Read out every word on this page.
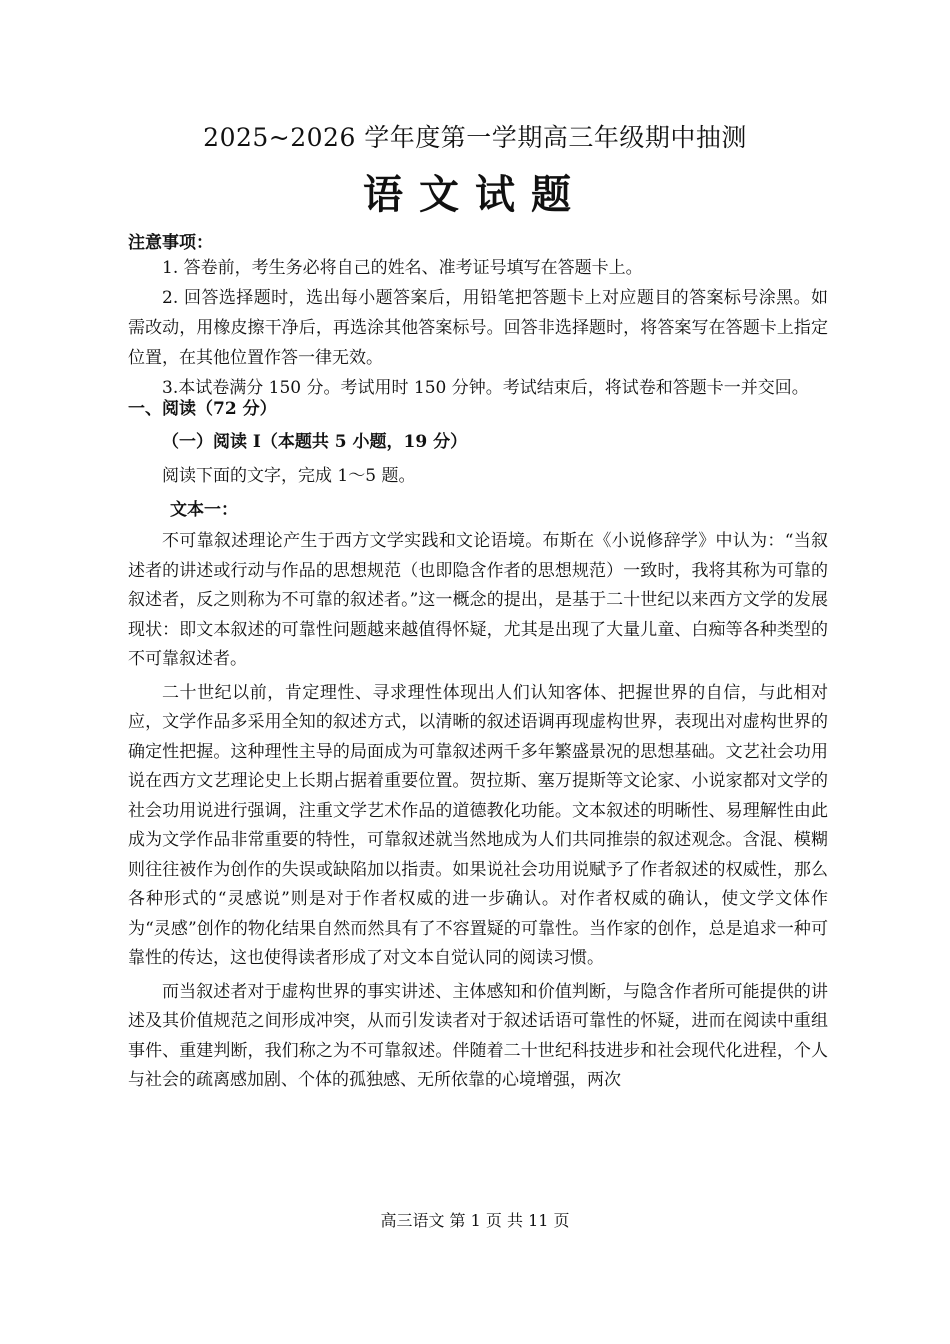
2025~2026 学年度第一学期高三年级期中抽测
语文试题
注意事项：

1. 答卷前，考生务必将自己的姓名、准考证号填写在答题卡上。

2. 回答选择题时，选出每小题答案后，用铅笔把答题卡上对应题目的答案标号涂黑。如需改动，用橡皮擦干净后，再选涂其他答案标号。回答非选择题时，将答案写在答题卡上指定位置，在其他位置作答一律无效。

3.本试卷满分 150 分。考试用时 150 分钟。考试结束后，将试卷和答题卡一并交回。

一、阅读（72 分）
（一）阅读 I（本题共 5 小题，19 分）
阅读下面的文字，完成 1～5 题。
文本一：

不可靠叙述理论产生于西方文学实践和文论语境。布斯在《小说修辞学》中认为：“当叙述者的讲述或行动与作品的思想规范（也即隐含作者的思想规范）一致时，我将其称为可靠的叙述者，反之则称为不可靠的叙述者。”这一概念的提出，是基于二十世纪以来西方文学的发展现状：即文本叙述的可靠性问题越来越值得怀疑，尤其是出现了大量儿童、白痴等各种类型的不可靠叙述者。

二十世纪以前，肯定理性、寻求理性体现出人们认知客体、把握世界的自信，与此相对应，文学作品多采用全知的叙述方式，以清晰的叙述语调再现虚构世界，表现出对虚构世界的确定性把握。这种理性主导的局面成为可靠叙述两千多年繁盛景况的思想基础。文艺社会功用说在西方文艺理论史上长期占据着重要位置。贺拉斯、塞万提斯等文论家、小说家都对文学的社会功用说进行强调，注重文学艺术作品的道德教化功能。文本叙述的明晰性、易理解性由此成为文学作品非常重要的特性，可靠叙述就当然地成为人们共同推崇的叙述观念。含混、模糊则往往被作为创作的失误或缺陷加以指责。如果说社会功用说赋予了作者叙述的权威性，那么各种形式的“灵感说”则是对于作者权威的进一步确认。对作者权威的确认，使文学文体作为“灵感”创作的物化结果自然而然具有了不容置疑的可靠性。当作家的创作，总是追求一种可靠性的传达，这也使得读者形成了对文本自觉认同的阅读习惯。

而当叙述者对于虚构世界的事实讲述、主体感知和价值判断，与隐含作者所可能提供的讲述及其价值规范之间形成冲突，从而引发读者对于叙述话语可靠性的怀疑，进而在阅读中重组事件、重建判断，我们称之为不可靠叙述。伴随着二十世纪科技进步和社会现代化进程，个人与社会的疏离感加剧、个体的孤独感、无所依靠的心境增强，两次

高三语文 第 1 页 共 11 页
